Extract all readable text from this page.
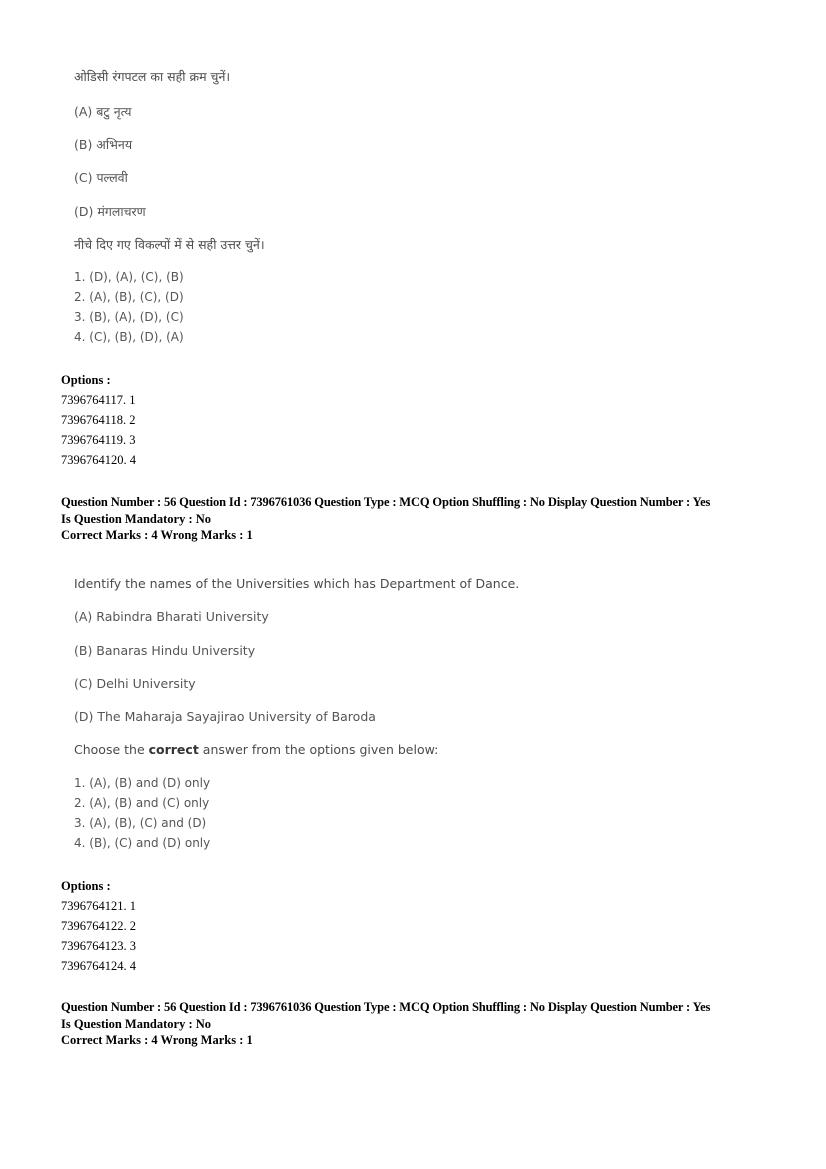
ओडिसी रंगपटल का सही क्रम चुनें।
(A) बटु नृत्य
(B) अभिनय
(C) पल्लवी
(D) मंगलाचरण
नीचे दिए गए विकल्पों में से सही उत्तर चुनें।
1. (D), (A), (C), (B)
2. (A), (B), (C), (D)
3. (B), (A), (D), (C)
4. (C), (B), (D), (A)
Options :
7396764117. 1
7396764118. 2
7396764119. 3
7396764120. 4
Question Number : 56 Question Id : 7396761036 Question Type : MCQ Option Shuffling : No Display Question Number : Yes
Is Question Mandatory : No
Correct Marks : 4 Wrong Marks : 1
Identify the names of the Universities which has Department of Dance.
(A) Rabindra Bharati University
(B) Banaras Hindu University
(C) Delhi University
(D) The Maharaja Sayajirao University of Baroda
Choose the correct answer from the options given below:
1. (A), (B) and (D) only
2. (A), (B) and (C) only
3. (A), (B), (C) and (D)
4. (B), (C) and (D) only
Options :
7396764121. 1
7396764122. 2
7396764123. 3
7396764124. 4
Question Number : 56 Question Id : 7396761036 Question Type : MCQ Option Shuffling : No Display Question Number : Yes
Is Question Mandatory : No
Correct Marks : 4 Wrong Marks : 1
